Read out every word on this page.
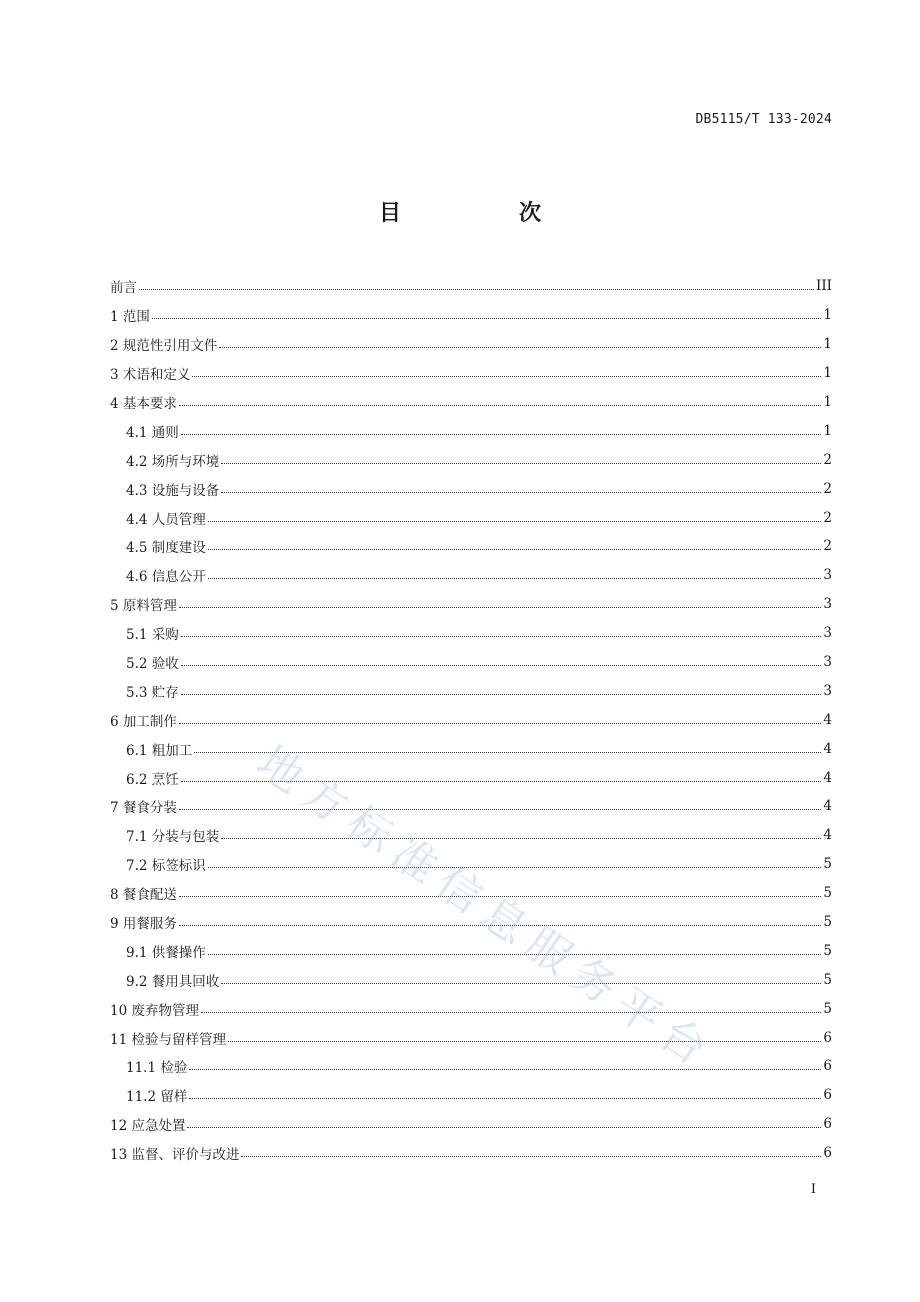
DB5115/T 133-2024
目　次
前言	III
1 范围	1
2 规范性引用文件	1
3 术语和定义	1
4 基本要求	1
4.1 通则	1
4.2 场所与环境	2
4.3 设施与设备	2
4.4 人员管理	2
4.5 制度建设	2
4.6 信息公开	3
5 原料管理	3
5.1 采购	3
5.2 验收	3
5.3 贮存	3
6 加工制作	4
6.1 粗加工	4
6.2 烹饪	4
7 餐食分装	4
7.1 分装与包装	4
7.2 标签标识	5
8 餐食配送	5
9 用餐服务	5
9.1 供餐操作	5
9.2 餐用具回收	5
10 废弃物管理	5
11 检验与留样管理	6
11.1 检验	6
11.2 留样	6
12 应急处置	6
13 监督、评价与改进	6
地方标准信息服务平台
I
